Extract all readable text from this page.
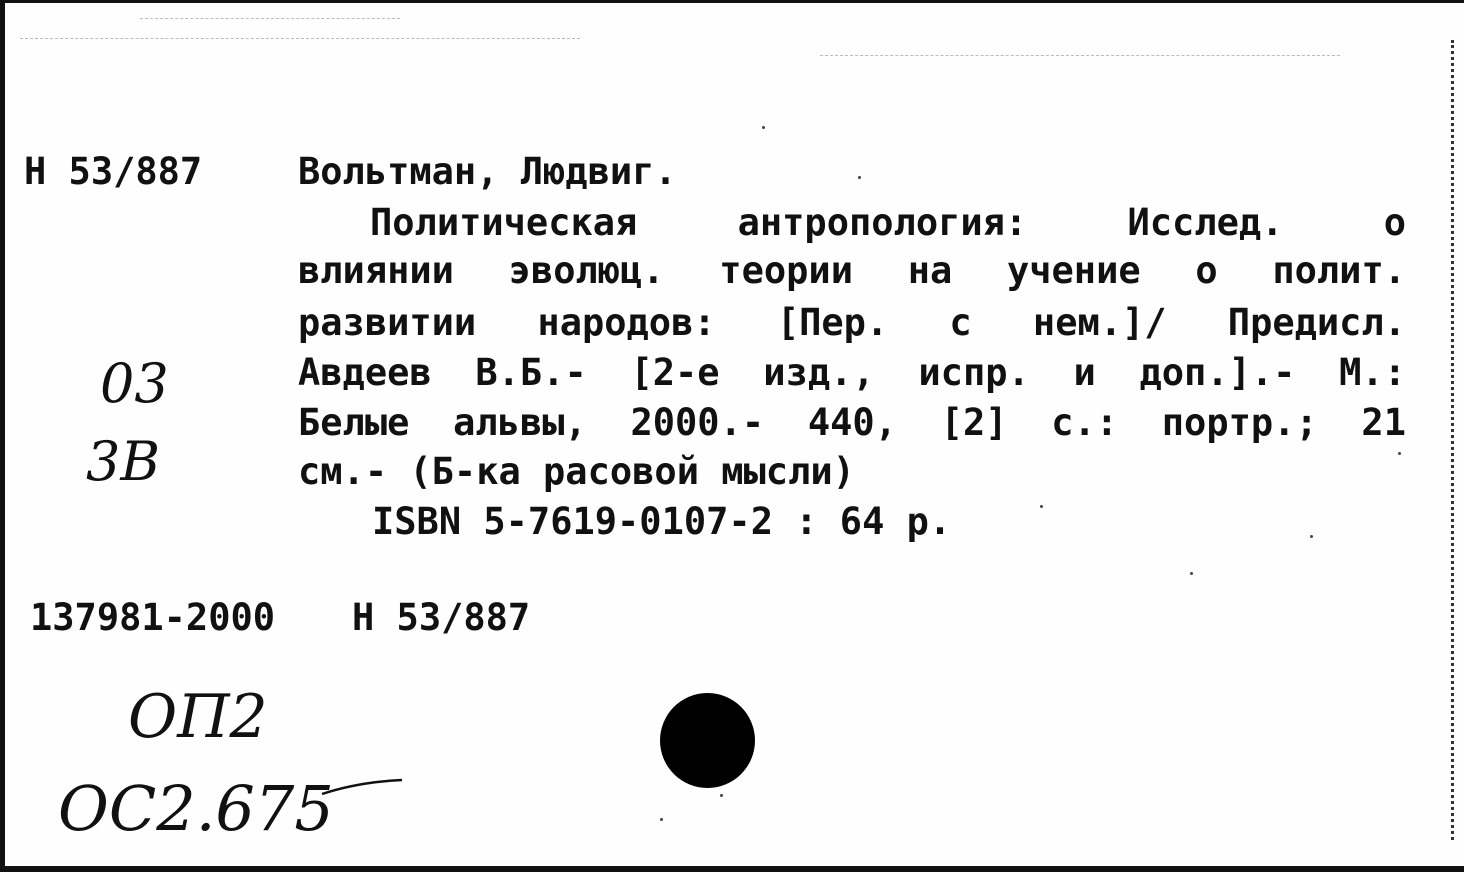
Н 53/887	Вольтман, Людвиг.

Политическая антропология: Исслед. о

влиянии эволюц. теории на учение о полит.

развитии народов: [Пер. с нем.]/ Предисл.

Авдеев В.Б.- [2-е изд., испр. и доп.].- М.:

Белые альвы, 2000.- 440, [2] с.: портр.; 21

см.- (Б-ка расовой мысли)

ISBN 5-7619-0107-2 : 64 р.

137981-2000 Н 53/887

03
3В
ОП2
ОС2.675
